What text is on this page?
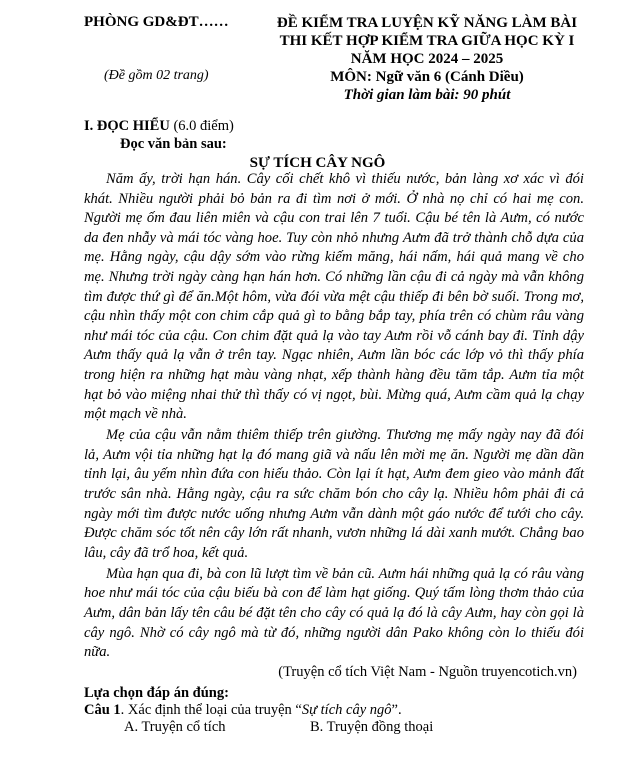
PHÒNG GD&ĐT……
(Đề gồm 02 trang)
ĐỀ KIỂM TRA LUYỆN KỸ NĂNG LÀM BÀI
THI KẾT HỢP KIỂM TRA GIỮA HỌC KỲ I
NĂM HỌC 2024 – 2025
MÔN: Ngữ văn 6 (Cánh Diều)
Thời gian làm bài: 90 phút
I. ĐỌC HIỂU (6.0 điểm)
Đọc văn bản sau:
SỰ TÍCH CÂY NGÔ

Năm ấy, trời hạn hán. Cây cối chết khô vì thiếu nước, bản làng xơ xác vì đói khát. Nhiều người phải bỏ bản ra đi tìm nơi ở mới. Ở nhà nọ chỉ có hai mẹ con. Người mẹ ốm đau liên miên và cậu con trai lên 7 tuổi. Cậu bé tên là Aưm, có nước da đen nhẫy và mái tóc vàng hoe. Tuy còn nhỏ nhưng Aưm đã trở thành chỗ dựa của mẹ. Hằng ngày, cậu dậy sớm vào rừng kiếm măng, hái nấm, hái quả mang về cho mẹ. Nhưng trời ngày càng hạn hán hơn. Có những lần cậu đi cả ngày mà vẫn không tìm được thứ gì để ăn.Một hôm, vừa đói vừa mệt cậu thiếp đi bên bờ suối. Trong mơ, cậu nhìn thấy một con chim cắp quả gì to bằng bắp tay, phía trên có chùm râu vàng như mái tóc của cậu. Con chim đặt quả lạ vào tay Aưm rồi vỗ cánh bay đi. Tỉnh dậy Aưm thấy quả lạ vẫn ở trên tay. Ngạc nhiên, Aưm lần bóc các lớp vỏ thì thấy phía trong hiện ra những hạt màu vàng nhạt, xếp thành hàng đều tăm tắp. Aưm tỉa một hạt bỏ vào miệng nhai thử thì thấy có vị ngọt, bùi. Mừng quá, Aưm cầm quả lạ chạy một mạch về nhà.

Mẹ của cậu vẫn nằm thiêm thiếp trên giường. Thương mẹ mấy ngày nay đã đói lả, Aưm vội tỉa những hạt lạ đó mang giã và nấu lên mời mẹ ăn. Người mẹ dần dần tỉnh lại, âu yếm nhìn đứa con hiếu thảo. Còn lại ít hạt, Aưm đem gieo vào mảnh đất trước sân nhà. Hằng ngày, cậu ra sức chăm bón cho cây lạ. Nhiều hôm phải đi cả ngày mới tìm được nước uống nhưng Aưm vẫn dành một gáo nước để tưới cho cây. Được chăm sóc tốt nên cây lớn rất nhanh, vươn những lá dài xanh mướt. Chẳng bao lâu, cây đã trổ hoa, kết quả.

Mùa hạn qua đi, bà con lũ lượt tìm về bản cũ. Aưm hái những quả lạ có râu vàng hoe như mái tóc của cậu biếu bà con để làm hạt giống. Quý tấm lòng thơm thảo của Aưm, dân bản lấy tên câu bé đặt tên cho cây có quả lạ đó là cây Aưm, hay còn gọi là cây ngô. Nhờ có cây ngô mà từ đó, những người dân Pako không còn lo thiếu đói nữa.

(Truyện cổ tích Việt Nam - Nguồn truyencotich.vn)
Lựa chọn đáp án đúng:
Câu 1. Xác định thể loại của truyện “Sự tích cây ngô”.
A. Truyện cổ tích	B. Truyện đồng thoại
